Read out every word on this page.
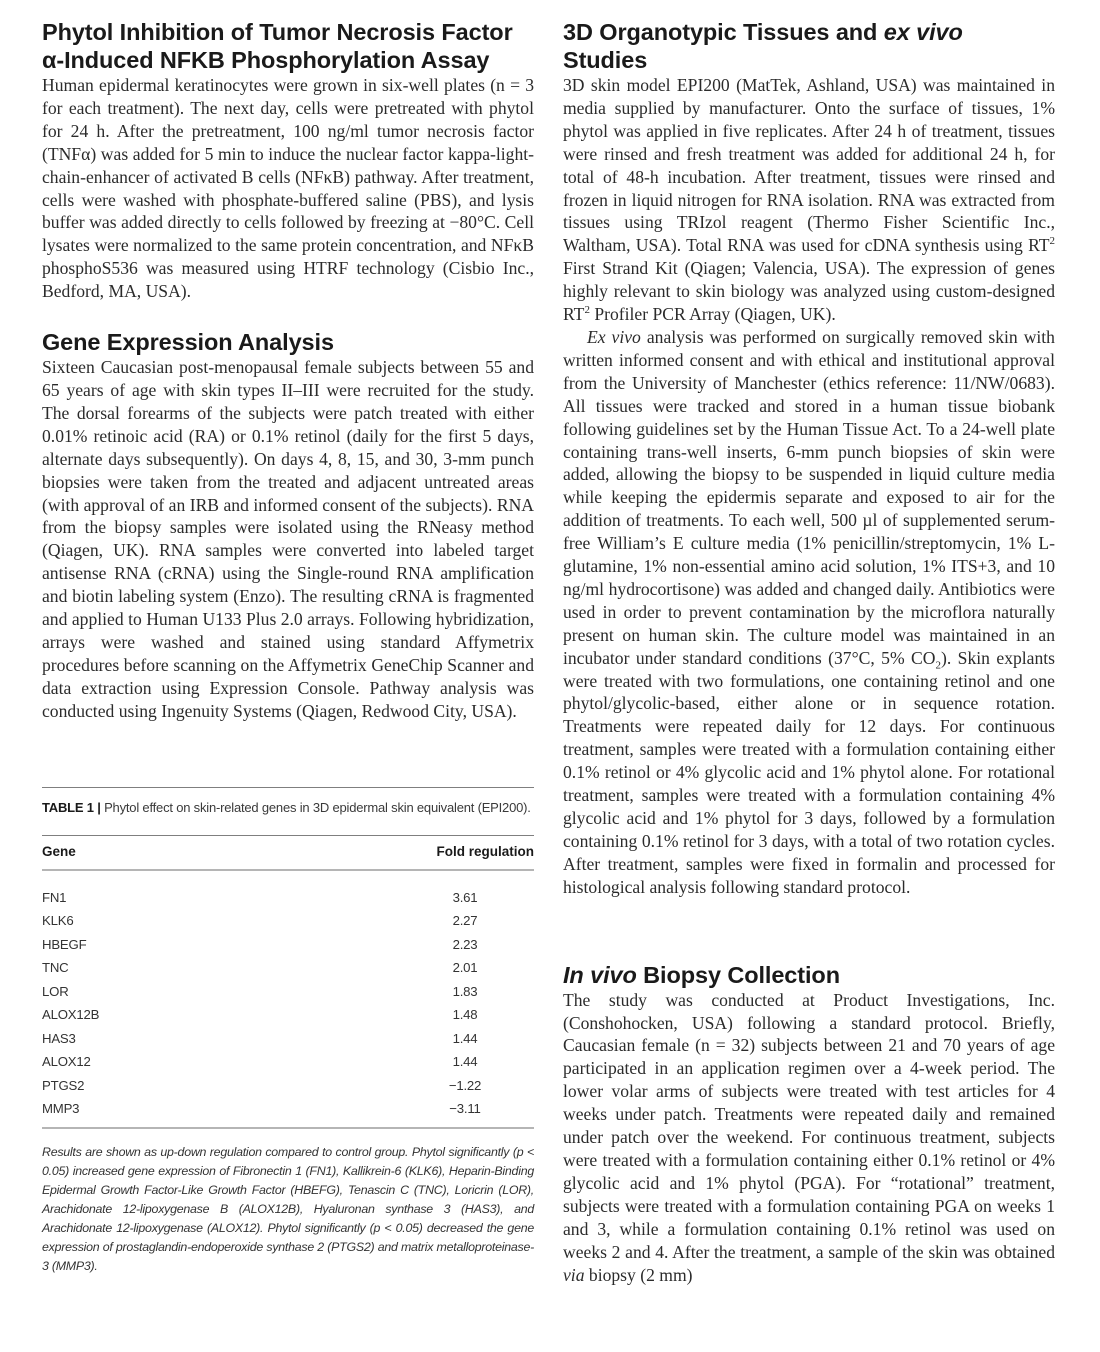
Phytol Inhibition of Tumor Necrosis Factor α-Induced NFKB Phosphorylation Assay

Human epidermal keratinocytes were grown in six-well plates (n = 3 for each treatment). The next day, cells were pretreated with phytol for 24 h. After the pretreatment, 100 ng/ml tumor necrosis factor (TNFα) was added for 5 min to induce the nuclear factor kappa-light-chain-enhancer of activated B cells (NFκB) pathway. After treatment, cells were washed with phosphate-buffered saline (PBS), and lysis buffer was added directly to cells followed by freezing at −80°C. Cell lysates were normalized to the same protein concentration, and NFκB phosphoS536 was measured using HTRF technology (Cisbio Inc., Bedford, MA, USA).

Gene Expression Analysis

Sixteen Caucasian post-menopausal female subjects between 55 and 65 years of age with skin types II–III were recruited for the study. The dorsal forearms of the subjects were patch treated with either 0.01% retinoic acid (RA) or 0.1% retinol (daily for the first 5 days, alternate days subsequently). On days 4, 8, 15, and 30, 3-mm punch biopsies were taken from the treated and adjacent untreated areas (with approval of an IRB and informed consent of the subjects). RNA from the biopsy samples were isolated using the RNeasy method (Qiagen, UK). RNA samples were converted into labeled target antisense RNA (cRNA) using the Single-round RNA amplification and biotin labeling system (Enzo). The resulting cRNA is fragmented and applied to Human U133 Plus 2.0 arrays. Following hybridization, arrays were washed and stained using standard Affymetrix procedures before scanning on the Affymetrix GeneChip Scanner and data extraction using Expression Console. Pathway analysis was conducted using Ingenuity Systems (Qiagen, Redwood City, USA).

TABLE 1 | Phytol effect on skin-related genes in 3D epidermal skin equivalent (EPI200).

Gene	Fold regulation
FN1	3.61
KLK6	2.27
HBEGF	2.23
TNC	2.01
LOR	1.83
ALOX12B	1.48
HAS3	1.44
ALOX12	1.44
PTGS2	−1.22
MMP3	−3.11

Results are shown as up-down regulation compared to control group. Phytol significantly (p < 0.05) increased gene expression of Fibronectin 1 (FN1), Kallikrein-6 (KLK6), Heparin-Binding Epidermal Growth Factor-Like Growth Factor (HBEFG), Tenascin C (TNC), Loricrin (LOR), Arachidonate 12-lipoxygenase B (ALOX12B), Hyaluronan synthase 3 (HAS3), and Arachidonate 12-lipoxygenase (ALOX12). Phytol significantly (p < 0.05) decreased the gene expression of prostaglandin-endoperoxide synthase 2 (PTGS2) and matrix metalloproteinase-3 (MMP3).

3D Organotypic Tissues and ex vivo
Studies

3D skin model EPI200 (MatTek, Ashland, USA) was maintained in media supplied by manufacturer. Onto the surface of tissues, 1% phytol was applied in five replicates. After 24 h of treatment, tissues were rinsed and fresh treatment was added for additional 24 h, for total of 48-h incubation. After treatment, tissues were rinsed and frozen in liquid nitrogen for RNA isolation. RNA was extracted from tissues using TRIzol reagent (Thermo Fisher Scientific Inc., Waltham, USA). Total RNA was used for cDNA synthesis using $RT^2$ First Strand Kit (Qiagen; Valencia, USA). The expression of genes highly relevant to skin biology was analyzed using custom-designed $RT^2$ Profiler PCR Array (Qiagen, UK).

Ex vivo analysis was performed on surgically removed skin with written informed consent and with ethical and institutional approval from the University of Manchester (ethics reference: 11/NW/0683). All tissues were tracked and stored in a human tissue biobank following guidelines set by the Human Tissue Act. To a 24-well plate containing trans-well inserts, 6-mm punch biopsies of skin were added, allowing the biopsy to be suspended in liquid culture media while keeping the epidermis separate and exposed to air for the addition of treatments. To each well, 500 µl of supplemented serum-free William’s E culture media (1% penicillin/streptomycin, 1% L-glutamine, 1% non-essential amino acid solution, 1% ITS+3, and 10 ng/ml hydrocortisone) was added and changed daily. Antibiotics were used in order to prevent contamination by the microflora naturally present on human skin. The culture model was maintained in an incubator under standard conditions (37°C, 5% $CO_2$). Skin explants were treated with two formulations, one containing retinol and one phytol/glycolic-based, either alone or in sequence rotation. Treatments were repeated daily for 12 days. For continuous treatment, samples were treated with a formulation containing either 0.1% retinol or 4% glycolic acid and 1% phytol alone. For rotational treatment, samples were treated with a formulation containing 4% glycolic acid and 1% phytol for 3 days, followed by a formulation containing 0.1% retinol for 3 days, with a total of two rotation cycles. After treatment, samples were fixed in formalin and processed for histological analysis following standard protocol.

In vivo Biopsy Collection

The study was conducted at Product Investigations, Inc. (Conshohocken, USA) following a standard protocol. Briefly, Caucasian female (n = 32) subjects between 21 and 70 years of age participated in an application regimen over a 4-week period. The lower volar arms of subjects were treated with test articles for 4 weeks under patch. Treatments were repeated daily and remained under patch over the weekend. For continuous treatment, subjects were treated with a formulation containing either 0.1% retinol or 4% glycolic acid and 1% phytol (PGA). For “rotational” treatment, subjects were treated with a formulation containing PGA on weeks 1 and 3, while a formulation containing 0.1% retinol was used on weeks 2 and 4. After the treatment, a sample of the skin was obtained via biopsy (2 mm)
